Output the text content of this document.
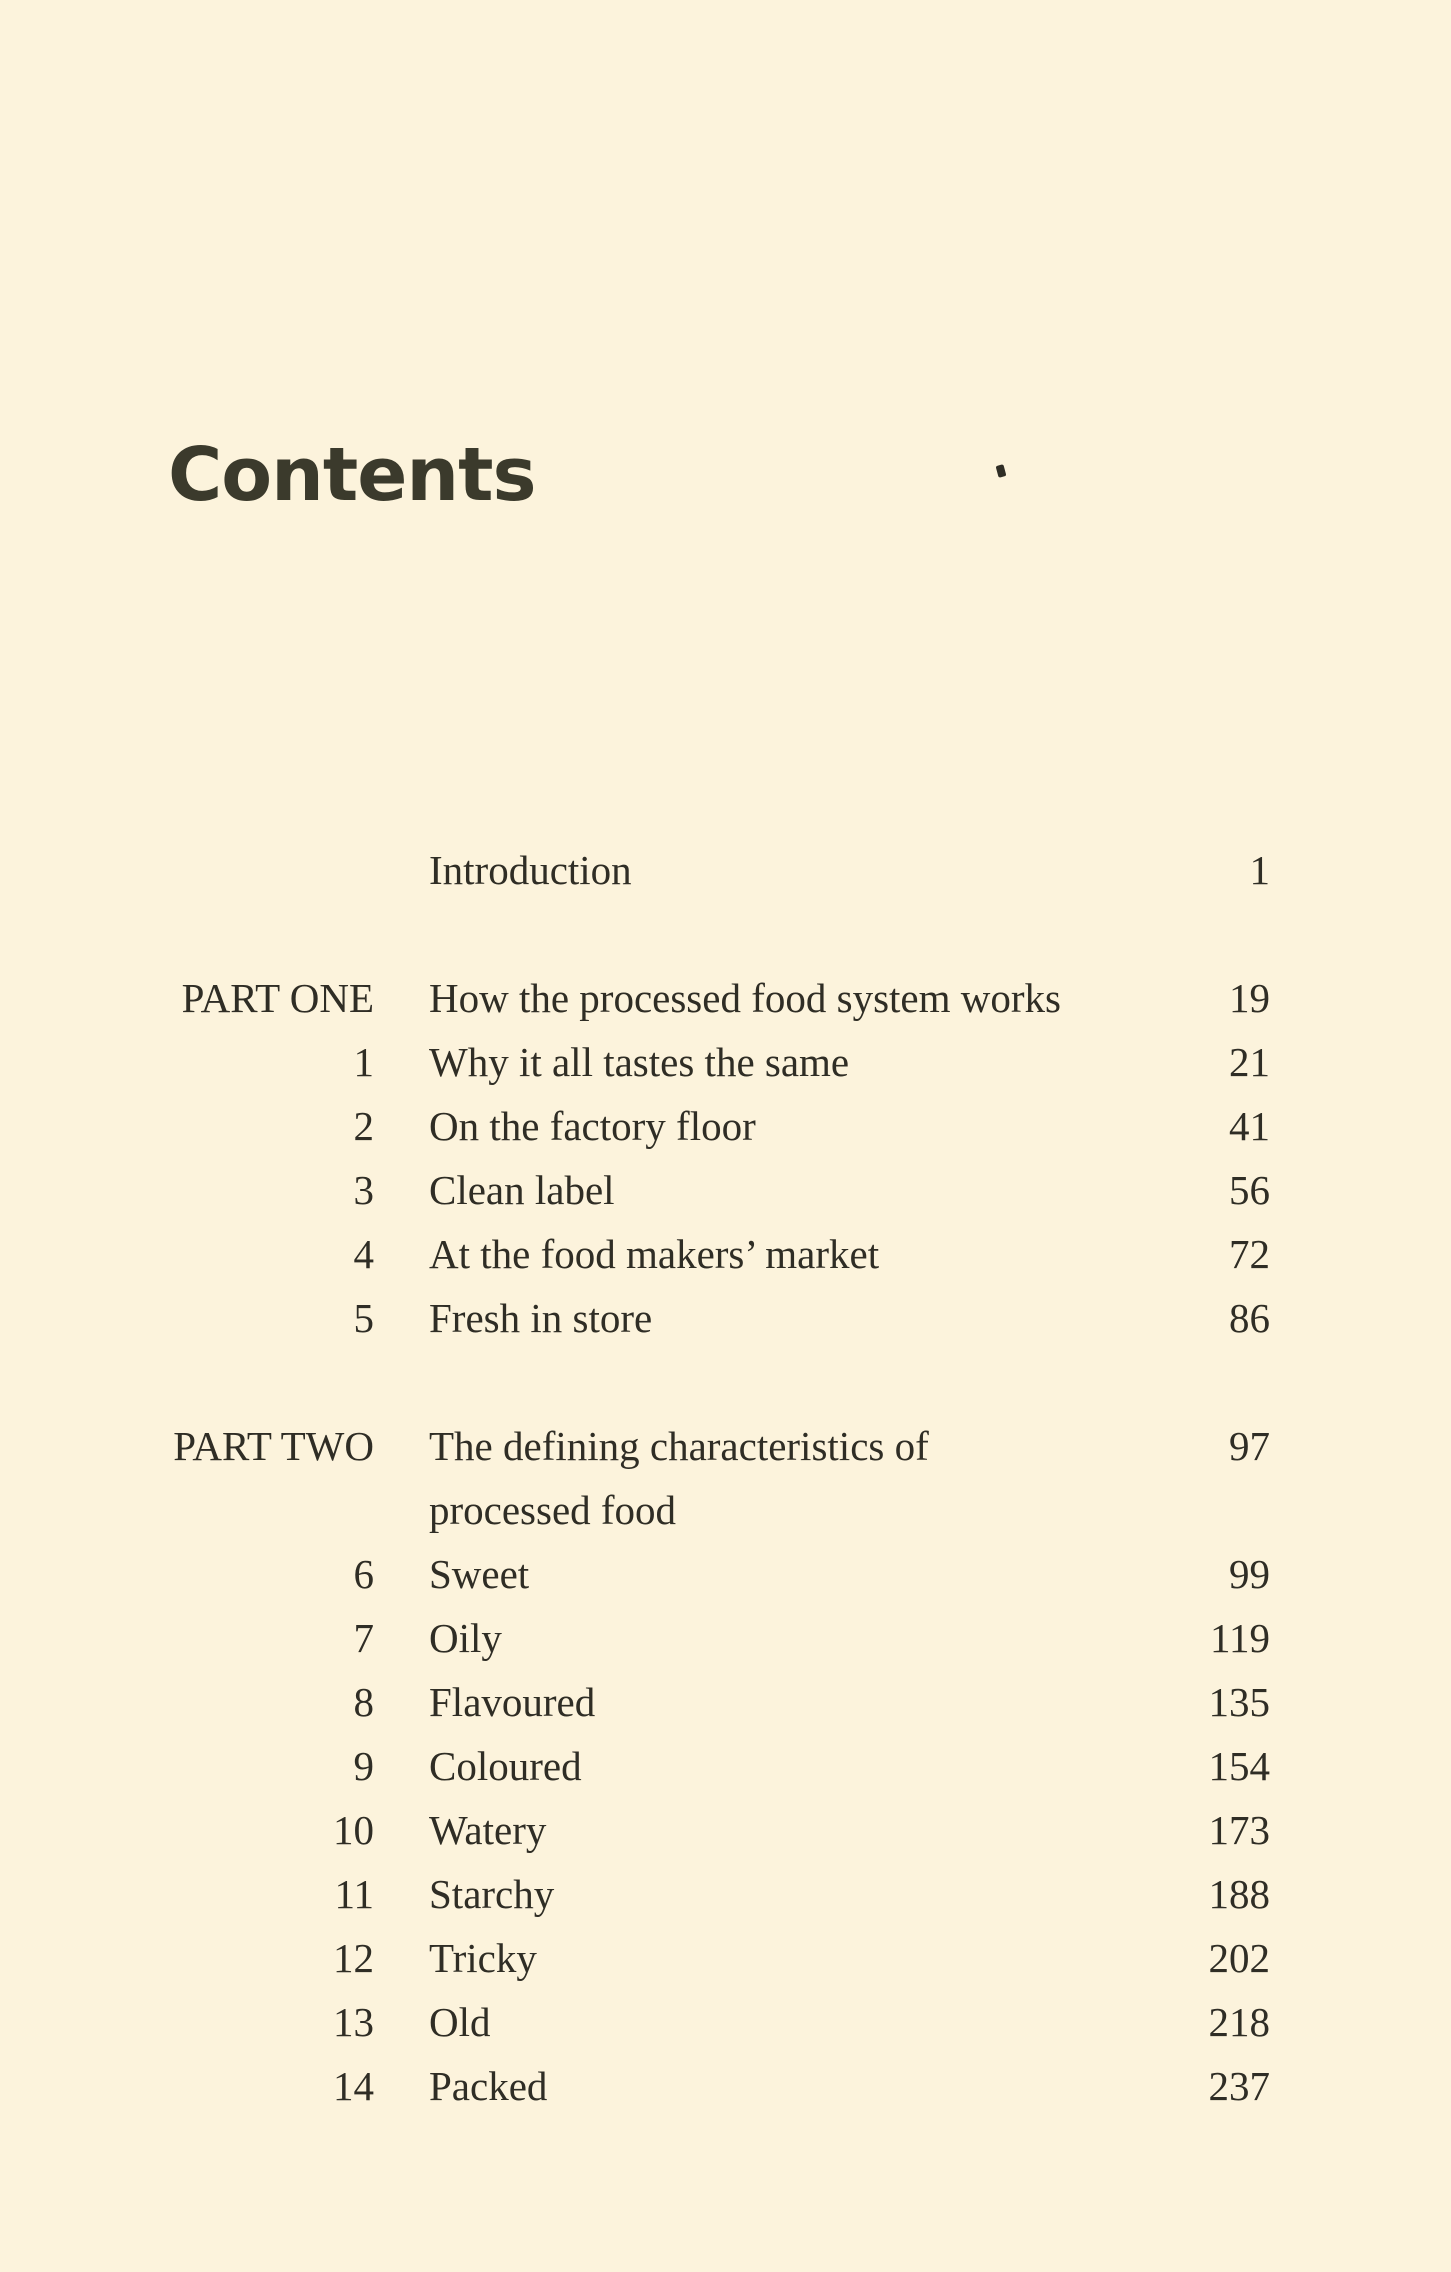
Contents
Introduction	1
PART ONE How the processed food system works	19
1 Why it all tastes the same	21
2 On the factory floor	41
3 Clean label	56
4 At the food makers’ market	72
5 Fresh in store	86
PART TWO The defining characteristics of	97
processed food
6 Sweet	99
7 Oily	119
8 Flavoured	135
9 Coloured	154
10 Watery	173
11 Starchy	188
12 Tricky	202
13 Old	218
14 Packed	237
